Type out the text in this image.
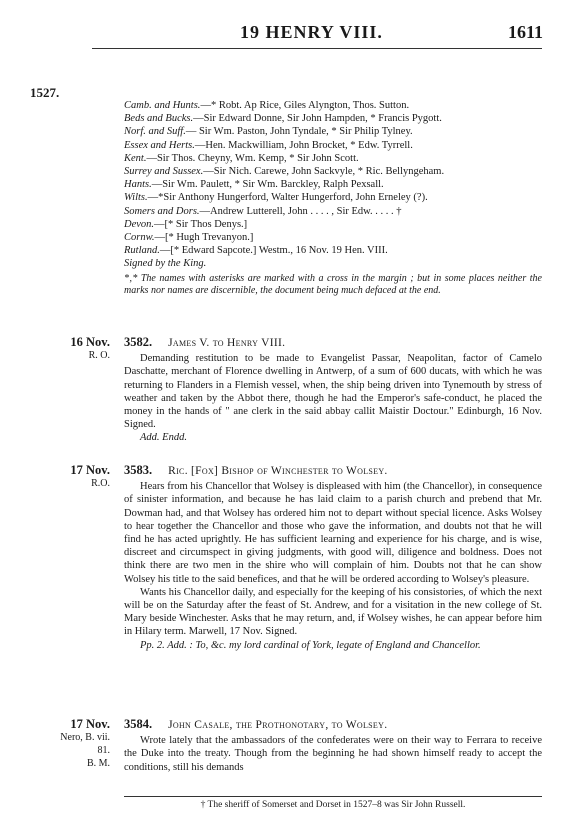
19 HENRY VIII.	1611
1527.

Camb. and Hunts.—* Robt. Ap Rice, Giles Alyngton, Thos. Sutton.

Beds and Bucks.—Sir Edward Donne, Sir John Hampden, * Francis Pygott.

Norf. and Suff.— Sir Wm. Paston, John Tyndale, * Sir Philip Tylney.

Essex and Herts.—Hen. Mackwilliam, John Brocket, * Edw. Tyrrell.

Kent.—Sir Thos. Cheyny, Wm. Kemp, * Sir John Scott.

Surrey and Sussex.—Sir Nich. Carewe, John Sackvyle, * Ric. Bellyngeham.

Hants.—Sir Wm. Paulett, * Sir Wm. Barckley, Ralph Pexsall.

Wilts.—*Sir Anthony Hungerford, Walter Hungerford, John Erneley (?).

Somers and Dors.—Andrew Lutterell, John . . . . , Sir Edw. . . . . †

Devon.—[* Sir Thos Denys.]

Cornw.—[* Hugh Trevanyon.]

Rutland.—[* Edward Sapcote.] Westm., 16 Nov. 19 Hen. VIII.

Signed by the King.

*‚* The names with asterisks are marked with a cross in the margin ; but in some places neither the marks nor names are discernible, the document being much defaced at the end.

16 Nov.
R. O.

3582. James V. to Henry VIII.

Demanding restitution to be made to Evangelist Passar, Neapolitan, factor of Camelo Daschatte, merchant of Florence dwelling in Antwerp, of a sum of 600 ducats, with which he was returning to Flanders in a Flemish vessel, when, the ship being driven into Tynemouth by stress of weather and taken by the Abbot there, though he had the Emperor's safe-conduct, he placed the money in the hands of " ane clerk in the said abbay callit Maistir Doctour." Edinburgh, 16 Nov. Signed.

Add. Endd.

17 Nov.
R.O.

3583. Ric. [Fox] Bishop of Winchester to Wolsey.

Hears from his Chancellor that Wolsey is displeased with him (the Chancellor), in consequence of sinister information, and because he has laid claim to a parish church and prebend that Mr. Dowman had, and that Wolsey has ordered him not to depart without special licence. Asks Wolsey to hear together the Chancellor and those who gave the information, and doubts not that he will find he has acted uprightly. He has sufficient learning and experience for his charge, and is wise, discreet and circumspect in giving judgments, with good will, diligence and boldness. Does not think there are two men in the shire who will complain of him. Doubts not that he can show Wolsey his title to the said benefices, and that he will be ordered according to Wolsey's pleasure.

Wants his Chancellor daily, and especially for the keeping of his consistories, of which the next will be on the Saturday after the feast of St. Andrew, and for a visitation in the new college of St. Mary beside Winchester. Asks that he may return, and, if Wolsey wishes, he can appear before him in Hilary term. Marwell, 17 Nov. Signed.

Pp. 2. Add. : To, &c. my lord cardinal of York, legate of England and Chancellor.

17 Nov.
Nero, B. vii.
81.
B. M.

3584. John Casale, the Prothonotary, to Wolsey.

Wrote lately that the ambassadors of the confederates were on their way to Ferrara to receive the Duke into the treaty. Though from the beginning he had shown himself ready to accept the conditions, still his demands

† The sheriff of Somerset and Dorset in 1527–8 was Sir John Russell.
